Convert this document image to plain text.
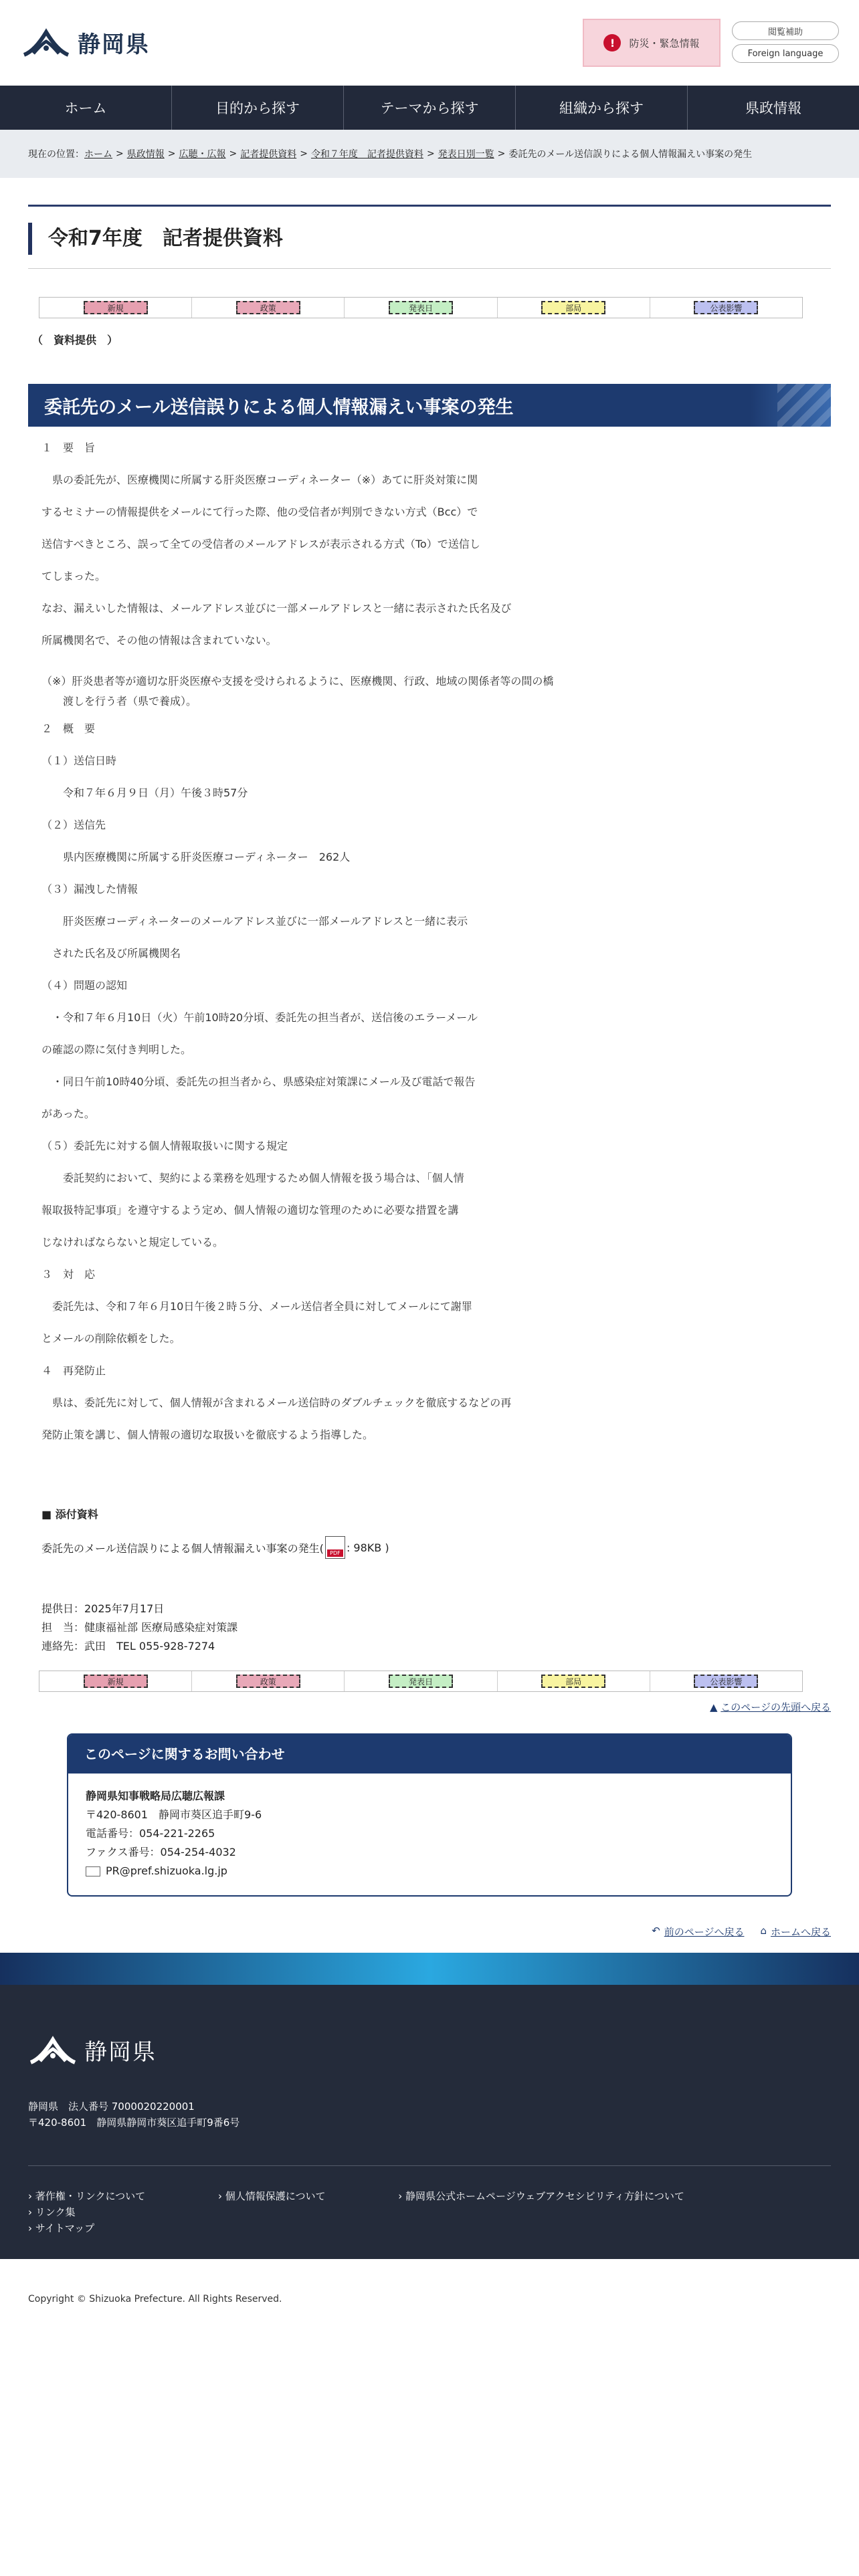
静岡県	!	防災・緊急情報
閲覧補助
Foreign language
ホーム	目的から探す	テーマから探す	組織から探す	県政情報
現在の位置： ホーム > 県政情報 > 広聴・広報 > 記者提供資料 > 令和７年度　記者提供資料 > 発表日別一覧 > 委託先のメール送信誤りによる個人情報漏えい事案の発生
令和7年度　記者提供資料
新規	政策	発表日	部局	公表影響
（　資料提供　）
委託先のメール送信誤りによる個人情報漏えい事案の発生

１　要　旨

　県の委託先が、医療機関に所属する肝炎医療コーディネーター（※）あてに肝炎対策に関

するセミナーの情報提供をメールにて行った際、他の受信者が判別できない方式（Bcc）で

送信すべきところ、誤って全ての受信者のメールアドレスが表示される方式（To）で送信し

てしまった。

なお、漏えいした情報は、メールアドレス並びに一部メールアドレスと一緒に表示された氏名及び

所属機関名で、その他の情報は含まれていない。

（※）肝炎患者等が適切な肝炎医療や支援を受けられるように、医療機関、行政、地域の関係者等の間の橋

　　渡しを行う者（県で養成）。

２　概　要

（１）送信日時

　　令和７年６月９日（月）午後３時57分

（２）送信先

　　県内医療機関に所属する肝炎医療コーディネーター　262人

（３）漏洩した情報

　　肝炎医療コーディネーターのメールアドレス並びに一部メールアドレスと一緒に表示

　された氏名及び所属機関名

（４）問題の認知

　・令和７年６月10日（火）午前10時20分頃、委託先の担当者が、送信後のエラーメール

の確認の際に気付き判明した。

　・同日午前10時40分頃、委託先の担当者から、県感染症対策課にメール及び電話で報告

があった。

（５）委託先に対する個人情報取扱いに関する規定

　　委託契約において、契約による業務を処理するため個人情報を扱う場合は、「個人情

報取扱特記事項」を遵守するよう定め、個人情報の適切な管理のために必要な措置を講

じなければならないと規定している。

３　対　応

　委託先は、令和７年６月10日午後２時５分、メール送信者全員に対してメールにて謝罪

とメールの削除依頼をした。

４　再発防止

　県は、委託先に対して、個人情報が含まれるメール送信時のダブルチェックを徹底するなどの再

発防止策を講じ、個人情報の適切な取扱いを徹底するよう指導した。

■ 添付資料
委託先のメール送信誤りによる個人情報漏えい事案の発生(	PDF : 98KB )
提供日：2025年7月17日
担　当：健康福祉部 医療局感染症対策課
連絡先：武田　TEL 055-928-7274
新規	政策	発表日	部局	公表影響
▲ このページの先頭へ戻る
このページに関するお問い合わせ
静岡県知事戦略局広聴広報課
〒420-8601　静岡市葵区追手町9-6
電話番号：054-221-2265
ファクス番号：054-254-4032
PR@pref.shizuoka.lg.jp
↶ 前のページへ戻る ⌂ ホームへ戻る
静岡県
静岡県　法人番号 7000020220001
〒420-8601　静岡県静岡市葵区追手町9番6号
› 著作権・リンクについて	› 個人情報保護について	› 静岡県公式ホームページウェブアクセシビリティ方針について › リンク集
› サイトマップ
Copyright © Shizuoka Prefecture. All Rights Reserved.
